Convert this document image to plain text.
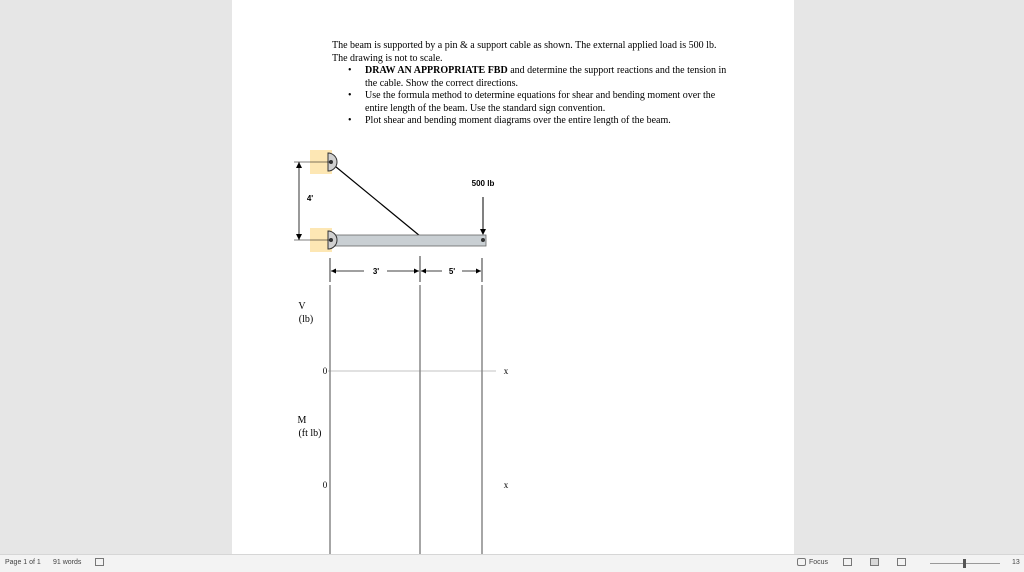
The beam is supported by a pin & a support cable as shown. The external applied load is 500 lb. The drawing is not to scale.
• DRAW AN APPROPRIATE FBD and determine the support reactions and the tension in the cable. Show the correct directions.
• Use the formula method to determine equations for shear and bending moment over the entire length of the beam. Use the standard sign convention.
• Plot shear and bending moment diagrams over the entire length of the beam.
500 lb
4'
3'	5'
V
(lb)
0	x
M
(ft lb)
0	x
Page 1 of 1 91 words	Focus	13
